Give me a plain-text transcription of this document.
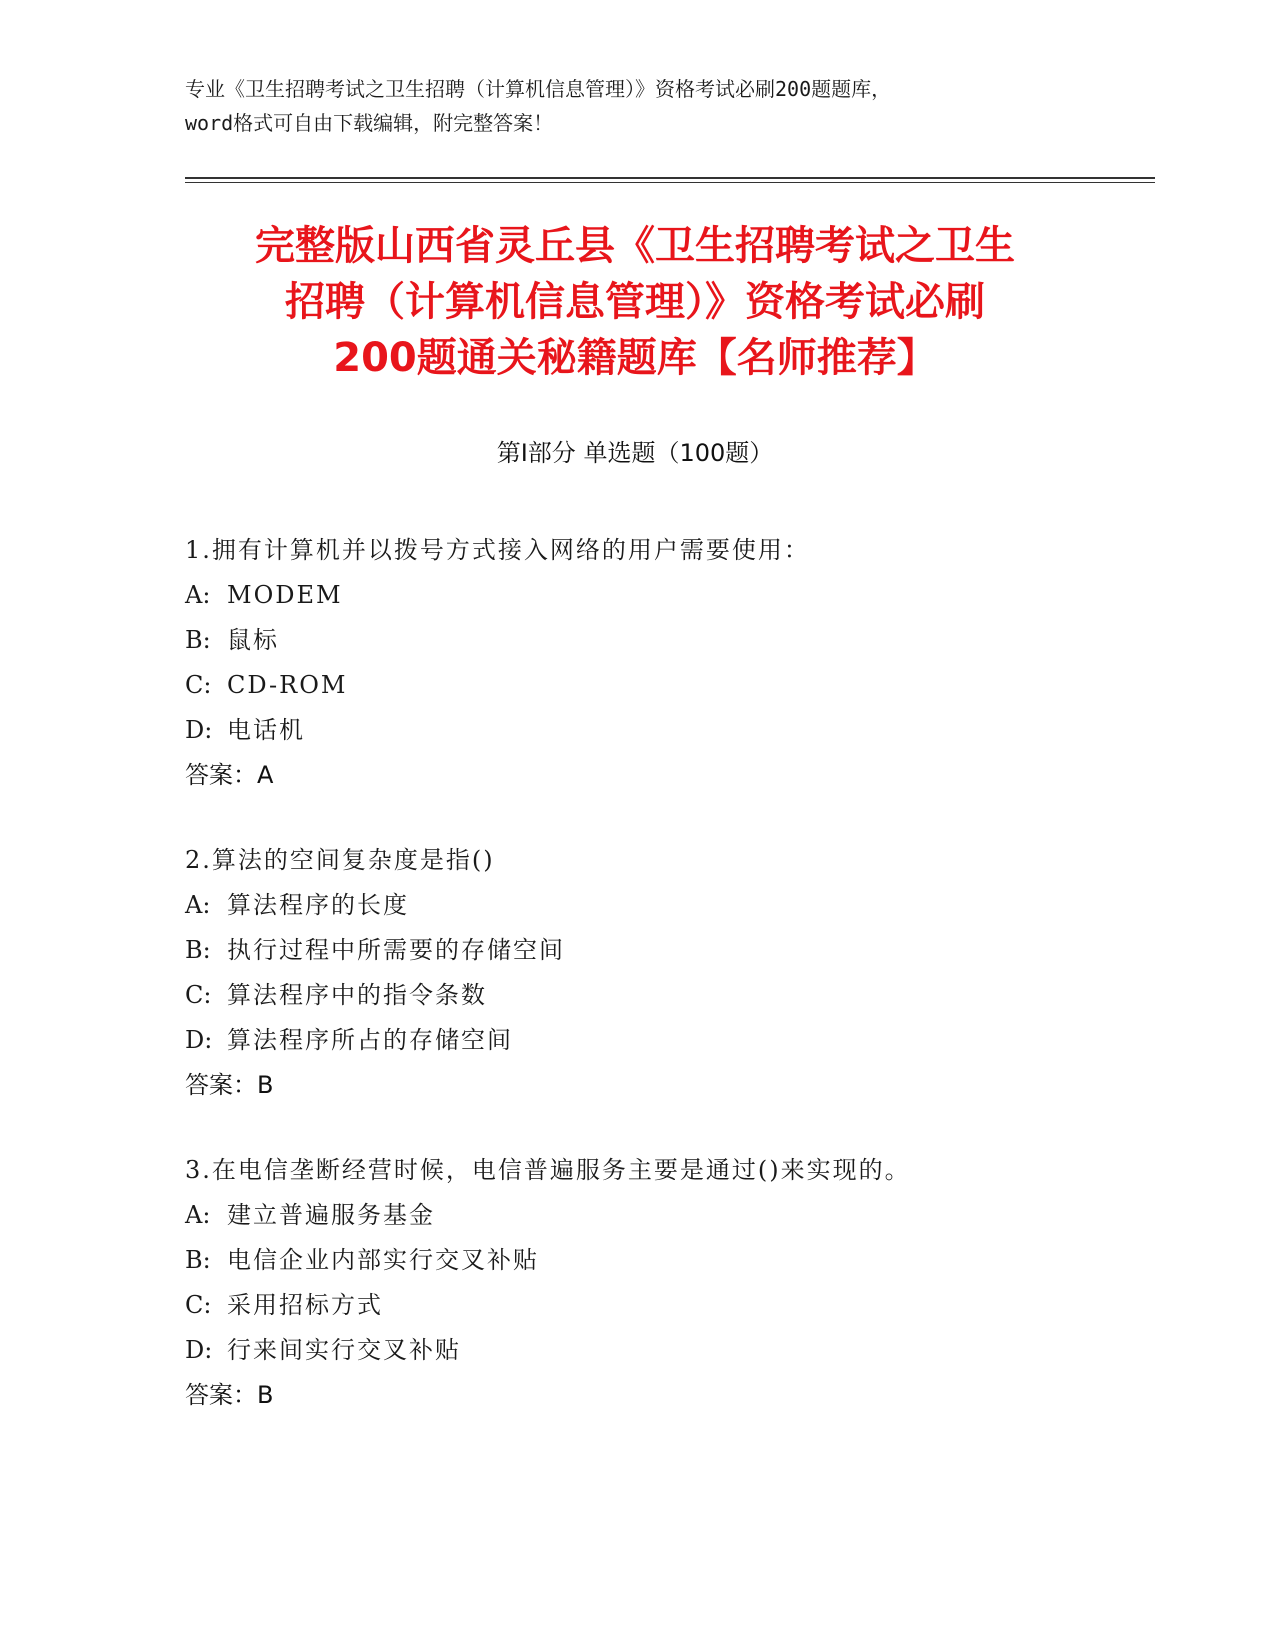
专业《卫生招聘考试之卫生招聘（计算机信息管理）》资格考试必刷200题题库，
word格式可自由下载编辑，附完整答案！
完整版山西省灵丘县《卫生招聘考试之卫生
招聘（计算机信息管理）》资格考试必刷
200题通关秘籍题库【名师推荐】
第Ⅰ部分 单选题（100题）
1.拥有计算机并以拨号方式接入网络的用户需要使用：
A: MODEM
B: 鼠标
C: CD-ROM
D: 电话机
答案：A
2.算法的空间复杂度是指()
A: 算法程序的长度
B: 执行过程中所需要的存储空间
C: 算法程序中的指令条数
D: 算法程序所占的存储空间
答案：B
3.在电信垄断经营时候，电信普遍服务主要是通过()来实现的。
A: 建立普遍服务基金
B: 电信企业内部实行交叉补贴
C: 采用招标方式
D: 行来间实行交叉补贴
答案：B
